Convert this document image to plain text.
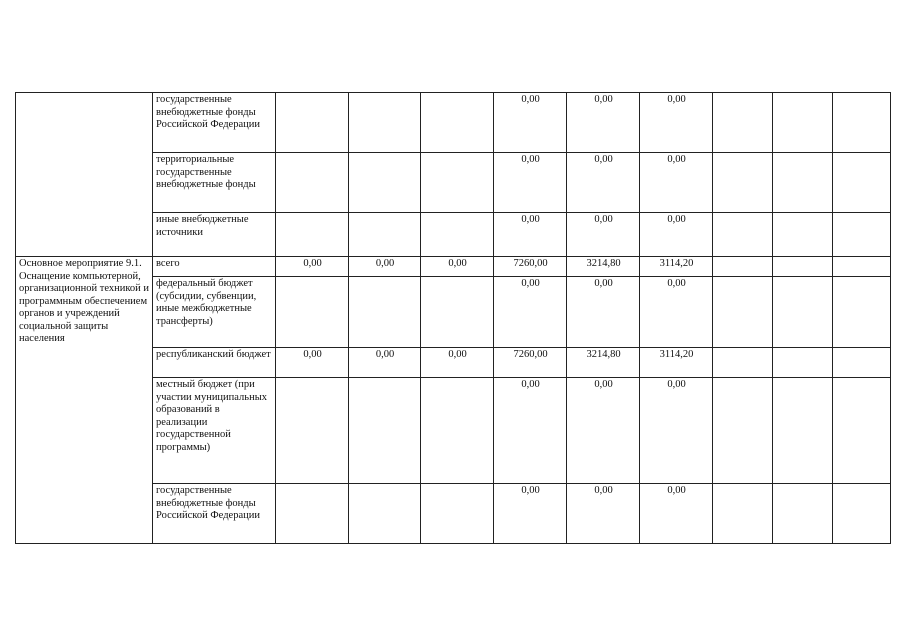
	государственные внебюджетные фонды Российской Федерации				0,00	0,00	0,00			
	территориальные государственные внебюджетные фонды				0,00	0,00	0,00			
	иные внебюджетные источники				0,00	0,00	0,00			
Основное мероприятие 9.1. Оснащение компьютерной, организационной техникой и программным обеспечением органов и учреждений социальной защиты населения	всего	0,00	0,00	0,00	7260,00	3214,80	3114,20			
	федеральный бюджет (субсидии, субвенции, иные межбюджетные трансферты)				0,00	0,00	0,00			
	республиканский бюджет	0,00	0,00	0,00	7260,00	3214,80	3114,20			
	местный бюджет (при участии муниципальных образований в реализации государственной программы)				0,00	0,00	0,00			
	государственные внебюджетные фонды Российской Федерации				0,00	0,00	0,00			
